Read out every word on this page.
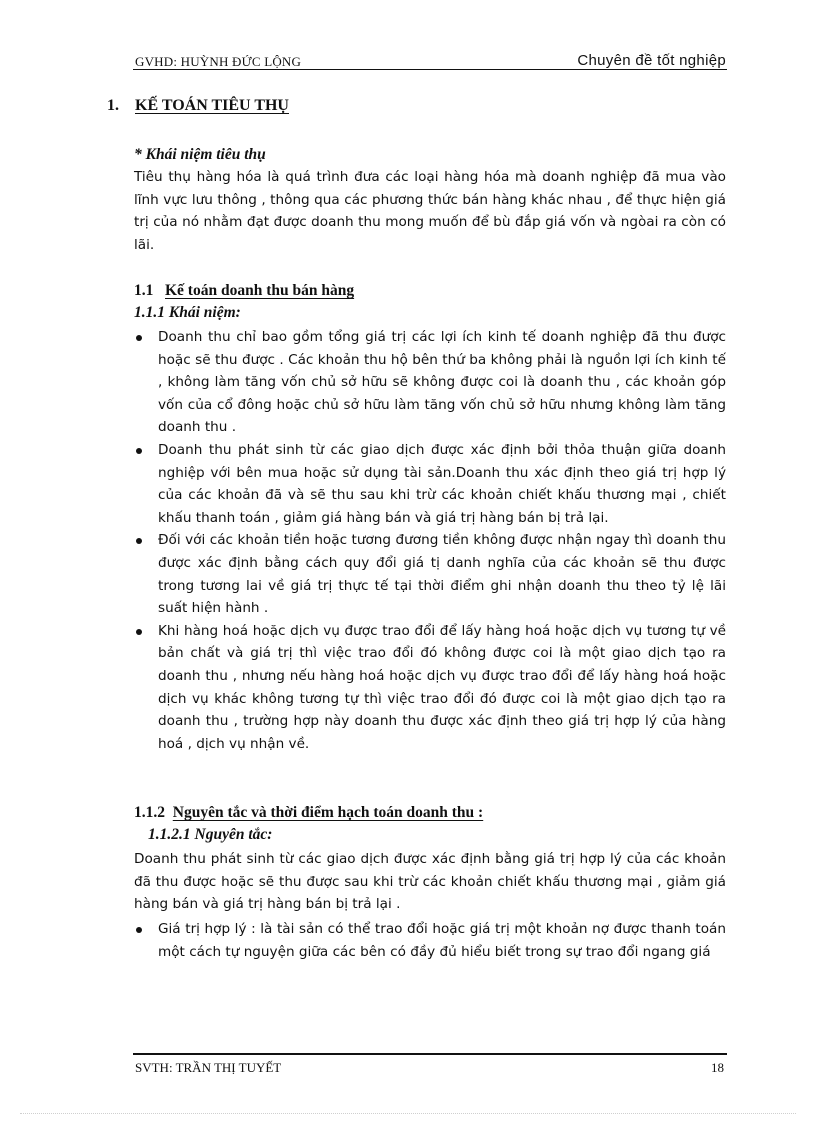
GVHD: HUỲNH ĐỨC LỘNG	Chuyên đề tốt nghiệp
1. KẾ TOÁN TIÊU THỤ
* Khái niệm tiêu thụ
Tiêu thụ hàng hóa là quá trình đưa các loại hàng hóa mà doanh nghiệp đã mua vào lĩnh vực lưu thông , thông qua các phương thức bán hàng khác nhau , để thực hiện giá trị của nó nhằm đạt được doanh thu mong muốn để bù đắp giá vốn và ngòai ra còn có lãi.
1.1 Kế toán doanh thu bán hàng
1.1.1 Khái niệm:
Doanh thu chỉ bao gồm tổng giá trị các lợi ích kinh tế doanh nghiệp đã thu được hoặc sẽ thu được . Các khoản thu hộ bên thứ ba không phải là nguồn lợi ích kinh tế , không làm tăng vốn chủ sở hữu sẽ không được coi là doanh thu , các khoản góp vốn của cổ đông hoặc chủ sở hữu làm tăng vốn chủ sở hữu nhưng không làm tăng doanh thu .
Doanh thu phát sinh từ các giao dịch được xác định bởi thỏa thuận giữa doanh nghiệp với bên mua hoặc sử dụng tài sản.Doanh thu xác định theo giá trị hợp lý của các khoản đã và sẽ thu sau khi trừ các khoản chiết khấu thương mại , chiết khấu thanh toán , giảm giá hàng bán và giá trị hàng bán bị trả lại.
Đối với các khoản tiền hoặc tương đương tiền không được nhận ngay thì doanh thu được xác định bằng cách quy đổi giá tị danh nghĩa của các khoản sẽ thu được trong tương lai về giá trị thực tế tại thời điểm ghi nhận doanh thu theo tỷ lệ lãi suất hiện hành .
Khi hàng hoá hoặc dịch vụ được trao đổi để lấy hàng hoá hoặc dịch vụ tương tự về bản chất và giá trị thì việc trao đổi đó không được coi là một giao dịch tạo ra doanh thu , nhưng nếu hàng hoá hoặc dịch vụ được trao đổi để lấy hàng hoá hoặc dịch vụ khác không tương tự thì việc trao đổi đó được coi là một giao dịch tạo ra doanh thu , trường hợp này doanh thu được xác định theo giá trị hợp lý của hàng hoá , dịch vụ nhận về.
1.1.2 Nguyên tắc và thời điểm hạch toán doanh thu :
1.1.2.1 Nguyên tắc:
Doanh thu phát sinh từ các giao dịch được xác định bằng giá trị hợp lý của các khoản đã thu được hoặc sẽ thu được sau khi trừ các khoản chiết khấu thương mại , giảm giá hàng bán và giá trị hàng bán bị trả lại .
Giá trị hợp lý : là tài sản có thể trao đổi hoặc giá trị một khoản nợ được thanh toán một cách tự nguyện giữa các bên có đầy đủ hiểu biết trong sự trao đổi ngang giá
SVTH: TRẦN THỊ TUYẾT	18
